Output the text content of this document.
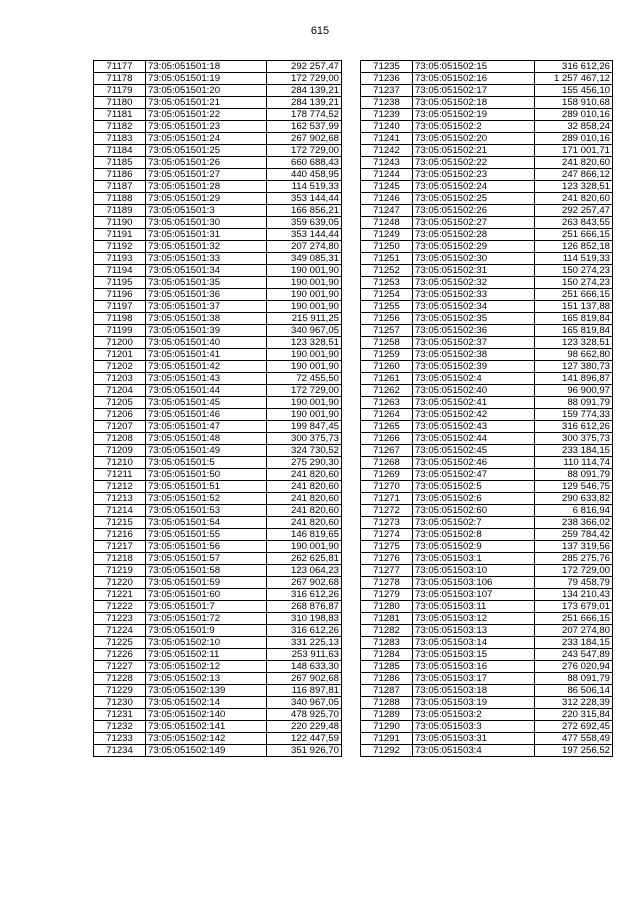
615
71177	73:05:051501:18	292 257,47
71178	73:05:051501:19	172 729,00
71179	73:05:051501:20	284 139,21
71180	73:05:051501:21	284 139,21
71181	73:05:051501:22	178 774,52
71182	73:05:051501:23	162 537,99
71183	73:05:051501:24	267 902,68
71184	73:05:051501:25	172 729,00
71185	73:05:051501:26	660 688,43
71186	73:05:051501:27	440 458,95
71187	73:05:051501:28	114 519,33
71188	73:05:051501:29	353 144,44
71189	73:05:051501:3	166 856,21
71190	73:05:051501:30	359 639,05
71191	73:05:051501:31	353 144,44
71192	73:05:051501:32	207 274,80
71193	73:05:051501:33	349 085,31
71194	73:05:051501:34	190 001,90
71195	73:05:051501:35	190 001,90
71196	73:05:051501:36	190 001,90
71197	73:05:051501:37	190 001,90
71198	73:05:051501:38	215 911,25
71199	73:05:051501:39	340 967,05
71200	73:05:051501:40	123 328,51
71201	73:05:051501:41	190 001,90
71202	73:05:051501:42	190 001,90
71203	73:05:051501:43	72 455,50
71204	73:05:051501:44	172 729,00
71205	73:05:051501:45	190 001,90
71206	73:05:051501:46	190 001,90
71207	73:05:051501:47	199 847,45
71208	73:05:051501:48	300 375,73
71209	73:05:051501:49	324 730,52
71210	73:05:051501:5	275 290,30
71211	73:05:051501:50	241 820,60
71212	73:05:051501:51	241 820,60
71213	73:05:051501:52	241 820,60
71214	73:05:051501:53	241 820,60
71215	73:05:051501:54	241 820,60
71216	73:05:051501:55	146 819,65
71217	73:05:051501:56	190 001,90
71218	73:05:051501:57	262 625,81
71219	73:05:051501:58	123 064,23
71220	73:05:051501:59	267 902,68
71221	73:05:051501:60	316 612,26
71222	73:05:051501:7	268 876,87
71223	73:05:051501:72	310 198,83
71224	73:05:051501:9	316 612,26
71225	73:05:051502:10	331 225,13
71226	73:05:051502:11	253 911,63
71227	73:05:051502:12	148 633,30
71228	73:05:051502:13	267 902,68
71229	73:05:051502:139	116 897,81
71230	73:05:051502:14	340 967,05
71231	73:05:051502:140	478 925,70
71232	73:05:051502:141	220 229,48
71233	73:05:051502:142	122 447,59
71234	73:05:051502:149	351 926,70
71235	73:05:051502:15	316 612,26
71236	73:05:051502:16	1 257 467,12
71237	73:05:051502:17	155 456,10
71238	73:05:051502:18	158 910,68
71239	73:05:051502:19	289 010,16
71240	73:05:051502:2	32 858,24
71241	73:05:051502:20	289 010,16
71242	73:05:051502:21	171 001,71
71243	73:05:051502:22	241 820,60
71244	73:05:051502:23	247 866,12
71245	73:05:051502:24	123 328,51
71246	73:05:051502:25	241 820,60
71247	73:05:051502:26	292 257,47
71248	73:05:051502:27	263 843,55
71249	73:05:051502:28	251 666,15
71250	73:05:051502:29	126 852,18
71251	73:05:051502:30	114 519,33
71252	73:05:051502:31	150 274,23
71253	73:05:051502:32	150 274,23
71254	73:05:051502:33	251 666,15
71255	73:05:051502:34	151 137,88
71256	73:05:051502:35	165 819,84
71257	73:05:051502:36	165 819,84
71258	73:05:051502:37	123 328,51
71259	73:05:051502:38	98 662,80
71260	73:05:051502:39	127 380,73
71261	73:05:051502:4	141 896,87
71262	73:05:051502:40	96 900,97
71263	73:05:051502:41	88 091,79
71264	73:05:051502:42	159 774,33
71265	73:05:051502:43	316 612,26
71266	73:05:051502:44	300 375,73
71267	73:05:051502:45	233 184,15
71268	73:05:051502:46	110 114,74
71269	73:05:051502:47	88 091,79
71270	73:05:051502:5	129 546,75
71271	73:05:051502:6	290 633,82
71272	73:05:051502:60	6 816,94
71273	73:05:051502:7	238 366,02
71274	73:05:051502:8	259 784,42
71275	73:05:051502:9	137 319,56
71276	73:05:051503:1	285 275,76
71277	73:05:051503:10	172 729,00
71278	73:05:051503:106	79 458,79
71279	73:05:051503:107	134 210,43
71280	73:05:051503:11	173 679,01
71281	73:05:051503:12	251 666,15
71282	73:05:051503:13	207 274,80
71283	73:05:051503:14	233 184,15
71284	73:05:051503:15	243 547,89
71285	73:05:051503:16	276 020,94
71286	73:05:051503:17	88 091,79
71287	73:05:051503:18	86 506,14
71288	73:05:051503:19	312 228,39
71289	73:05:051503:2	220 315,84
71290	73:05:051503:3	272 692,45
71291	73:05:051503:31	477 558,49
71292	73:05:051503:4	197 256,52
